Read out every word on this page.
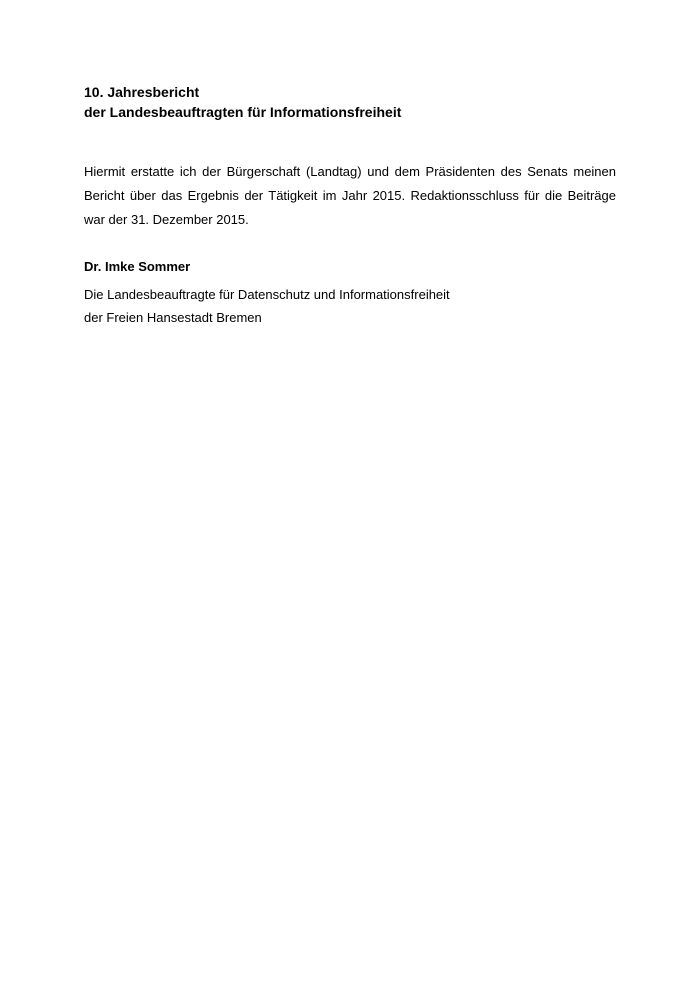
10. Jahresbericht

der Landesbeauftragten für Informationsfreiheit

Hiermit erstatte ich der Bürgerschaft (Landtag) und dem Präsidenten des Senats meinen Bericht über das Ergebnis der Tätigkeit im Jahr 2015. Redaktionsschluss für die Beiträge war der 31. Dezember 2015.

Dr. Imke Sommer
Die Landesbeauftragte für Datenschutz und Informationsfreiheit
der Freien Hansestadt Bremen
